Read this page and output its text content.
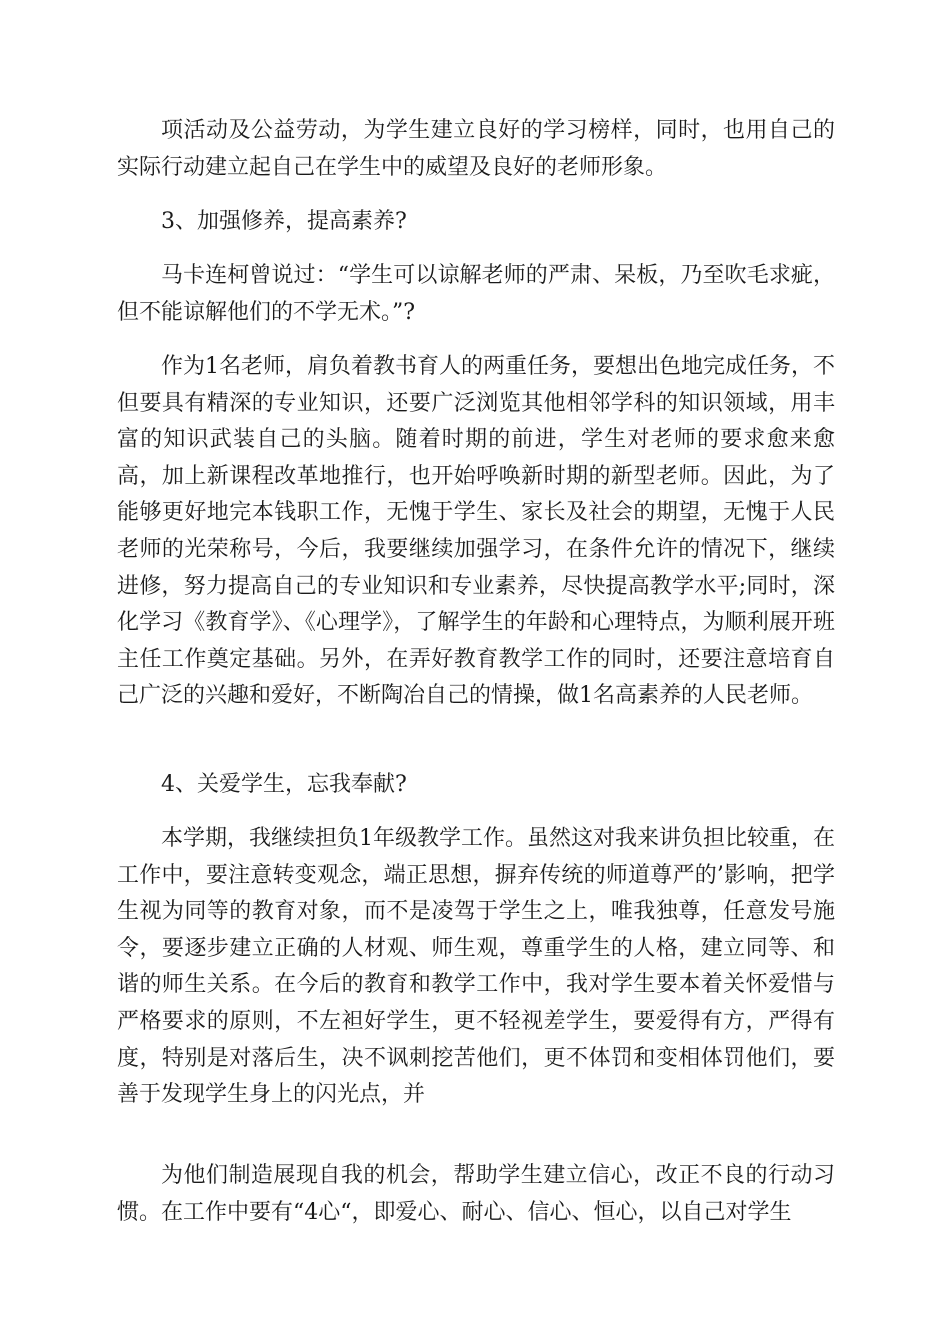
项活动及公益劳动，为学生建立良好的学习榜样，同时，也用自己的实际行动建立起自己在学生中的威望及良好的老师形象。

3、加强修养，提高素养?

马卡连柯曾说过：“学生可以谅解老师的严肃、呆板，乃至吹毛求疵，但不能谅解他们的不学无术。”?

作为1名老师，肩负着教书育人的两重任务，要想出色地完成任务，不但要具有精深的专业知识，还要广泛浏览其他相邻学科的知识领域，用丰富的知识武装自己的头脑。随着时期的前进，学生对老师的要求愈来愈高，加上新课程改革地推行，也开始呼唤新时期的新型老师。因此，为了能够更好地完本钱职工作，无愧于学生、家长及社会的期望，无愧于人民老师的光荣称号，今后，我要继续加强学习，在条件允许的情况下，继续进修，努力提高自己的专业知识和专业素养，尽快提高教学水平;同时，深化学习《教育学》、《心理学》，了解学生的年龄和心理特点，为顺利展开班主任工作奠定基础。另外，在弄好教育教学工作的同时，还要注意培育自己广泛的兴趣和爱好，不断陶冶自己的情操，做1名高素养的人民老师。

4、关爱学生，忘我奉献?

本学期，我继续担负1年级教学工作。虽然这对我来讲负担比较重，在工作中，要注意转变观念，端正思想，摒弃传统的师道尊严的’影响，把学生视为同等的教育对象，而不是凌驾于学生之上，唯我独尊，任意发号施令，要逐步建立正确的人材观、师生观，尊重学生的人格，建立同等、和谐的师生关系。在今后的教育和教学工作中，我对学生要本着关怀爱惜与严格要求的原则，不左袒好学生，更不轻视差学生，要爱得有方，严得有度，特别是对落后生，决不讽刺挖苦他们，更不体罚和变相体罚他们，要善于发现学生身上的闪光点，并

为他们制造展现自我的机会，帮助学生建立信心，改正不良的行动习惯。在工作中要有“4心“，即爱心、耐心、信心、恒心，以自己对学生
